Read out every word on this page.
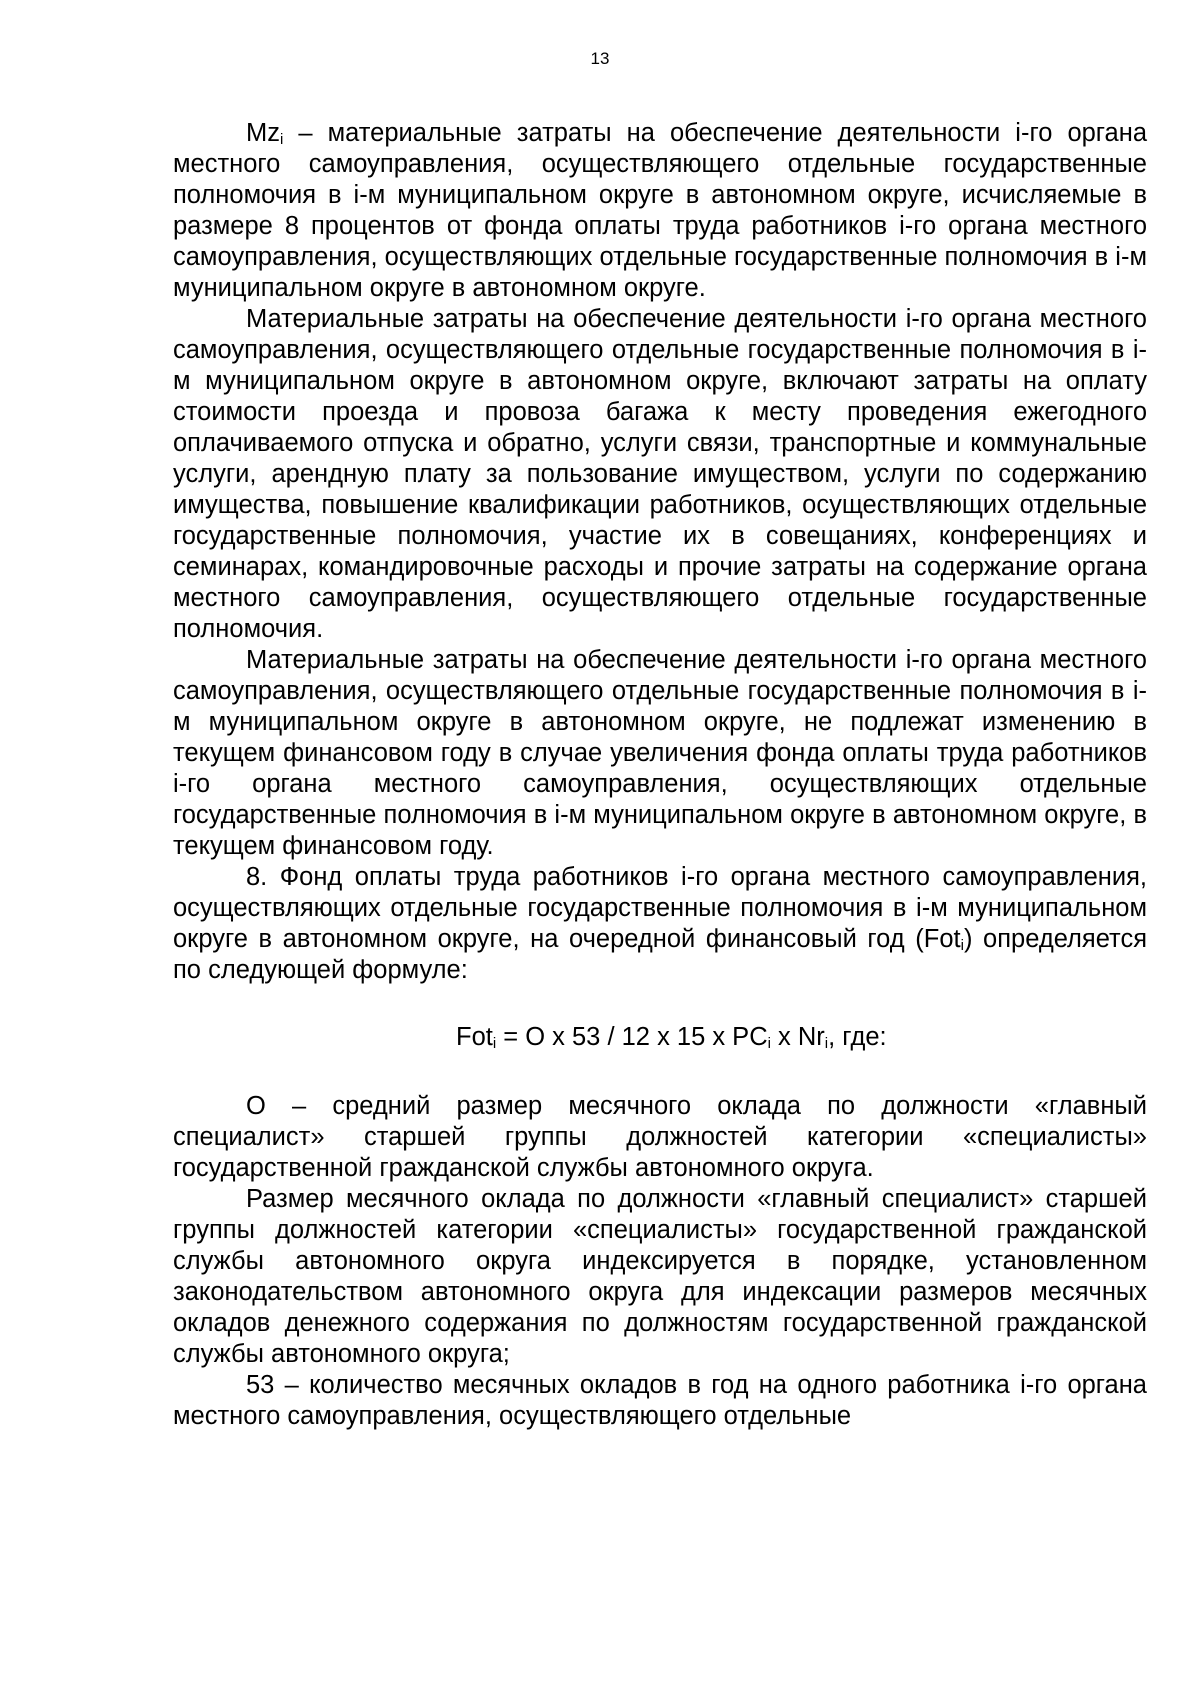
13

$Mz_i$ – материальные затраты на обеспечение деятельности i-го органа местного самоуправления, осуществляющего отдельные государственные полномочия в i-м муниципальном округе в автономном округе, исчисляемые в размере 8 процентов от фонда оплаты труда работников i-го органа местного самоуправления, осуществляющих отдельные государственные полномочия в i-м муниципальном округе в автономном округе.

Материальные затраты на обеспечение деятельности i-го органа местного самоуправления, осуществляющего отдельные государственные полномочия в i-м муниципальном округе в автономном округе, включают затраты на оплату стоимости проезда и провоза багажа к месту проведения ежегодного оплачиваемого отпуска и обратно, услуги связи, транспортные и коммунальные услуги, арендную плату за пользование имуществом, услуги по содержанию имущества, повышение квалификации работников, осуществляющих отдельные государственные полномочия, участие их в совещаниях, конференциях и семинарах, командировочные расходы и прочие затраты на содержание органа местного самоуправления, осуществляющего отдельные государственные полномочия.

Материальные затраты на обеспечение деятельности i-го органа местного самоуправления, осуществляющего отдельные государственные полномочия в i-м муниципальном округе в автономном округе, не подлежат изменению в текущем финансовом году в случае увеличения фонда оплаты труда работников i-го органа местного самоуправления, осуществляющих отдельные государственные полномочия в i-м муниципальном округе в автономном округе, в текущем финансовом году.

8. Фонд оплаты труда работников i-го органа местного самоуправления, осуществляющих отдельные государственные полномочия в i-м муниципальном округе в автономном округе, на очередной финансовый год (Fot$_i$) определяется по следующей формуле:

Fot$_i$ = O x 53 / 12 x 15 x $PC_i$ x $Nr_i$, где:

O – средний размер месячного оклада по должности «главный специалист» старшей группы должностей категории «специалисты» государственной гражданской службы автономного округа.

Размер месячного оклада по должности «главный специалист» старшей группы должностей категории «специалисты» государственной гражданской службы автономного округа индексируется в порядке, установленном законодательством автономного округа для индексации размеров месячных окладов денежного содержания по должностям государственной гражданской службы автономного округа;

53 – количество месячных окладов в год на одного работника i-го органа местного самоуправления, осуществляющего отдельные
